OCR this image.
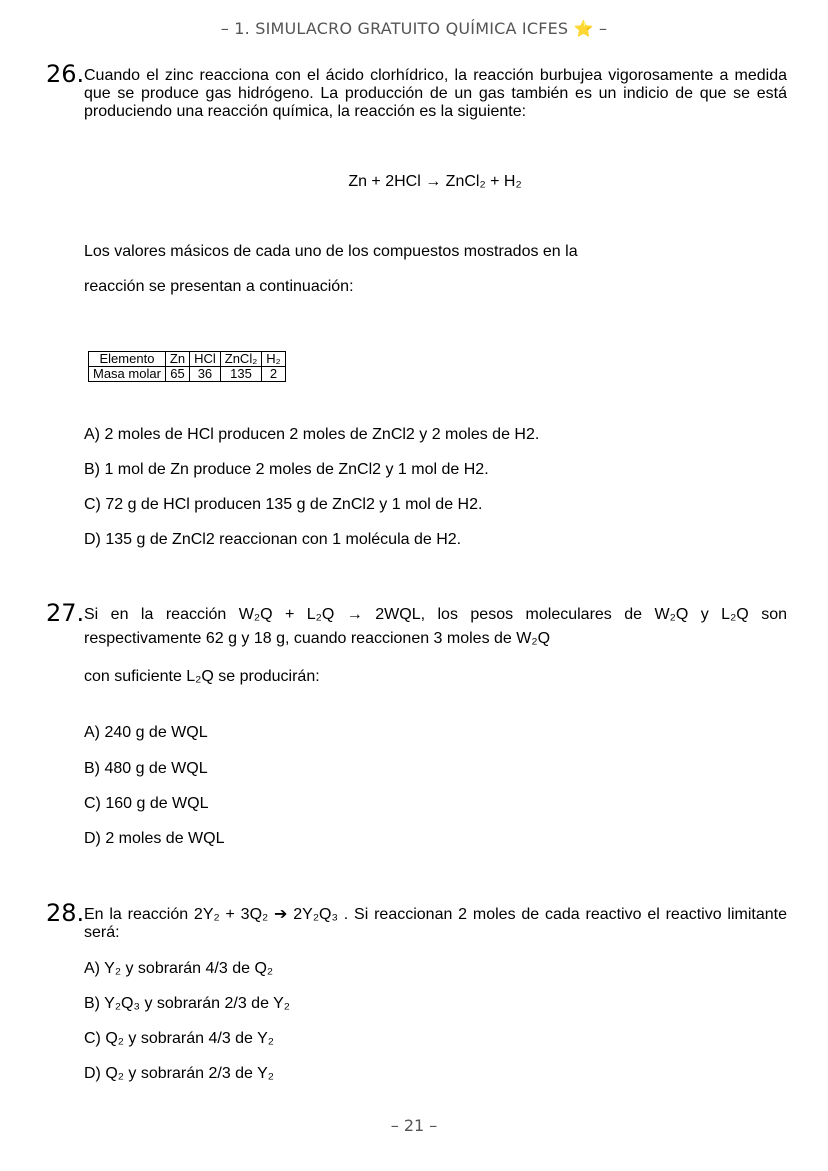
– 1. SIMULACRO GRATUITO QUÍMICA ICFES ⭐ –
26. Cuando el zinc reacciona con el ácido clorhídrico, la reacción burbujea vigorosamente a medida que se produce gas hidrógeno. La producción de un gas también es un indicio de que se está produciendo una reacción química, la reacción es la siguiente:
Zn + 2HCl → ZnCl₂ + H₂
Los valores másicos de cada uno de los compuestos mostrados en la
reacción se presentan a continuación:
Elemento	Zn	HCl	ZnCl₂	H₂
Masa molar	65	36	135	2
A) 2 moles de HCl producen 2 moles de ZnCl2 y 2 moles de H2.
B) 1 mol de Zn produce 2 moles de ZnCl2 y 1 mol de H2.
C) 72 g de HCl producen 135 g de ZnCl2 y 1 mol de H2.
D) 135 g de ZnCl2 reaccionan con 1 molécula de H2.
27. Si en la reacción W₂Q + L₂Q → 2WQL, los pesos moleculares de W₂Q y L₂Q son
respectivamente 62 g y 18 g, cuando reaccionen 3 moles de W₂Q
con suficiente L₂Q se producirán:
A) 240 g de WQL
B) 480 g de WQL
C) 160 g de WQL
D) 2 moles de WQL
28. En la reacción 2Y₂ + 3Q₂ ➔ 2Y₂Q₃ . Si reaccionan 2 moles de cada reactivo el reactivo limitante será:
A) Y₂ y sobrarán 4/3 de Q₂
B) Y₂Q₃ y sobrarán 2/3 de Y₂
C) Q₂ y sobrarán 4/3 de Y₂
D) Q₂ y sobrarán 2/3 de Y₂
– 21 –
